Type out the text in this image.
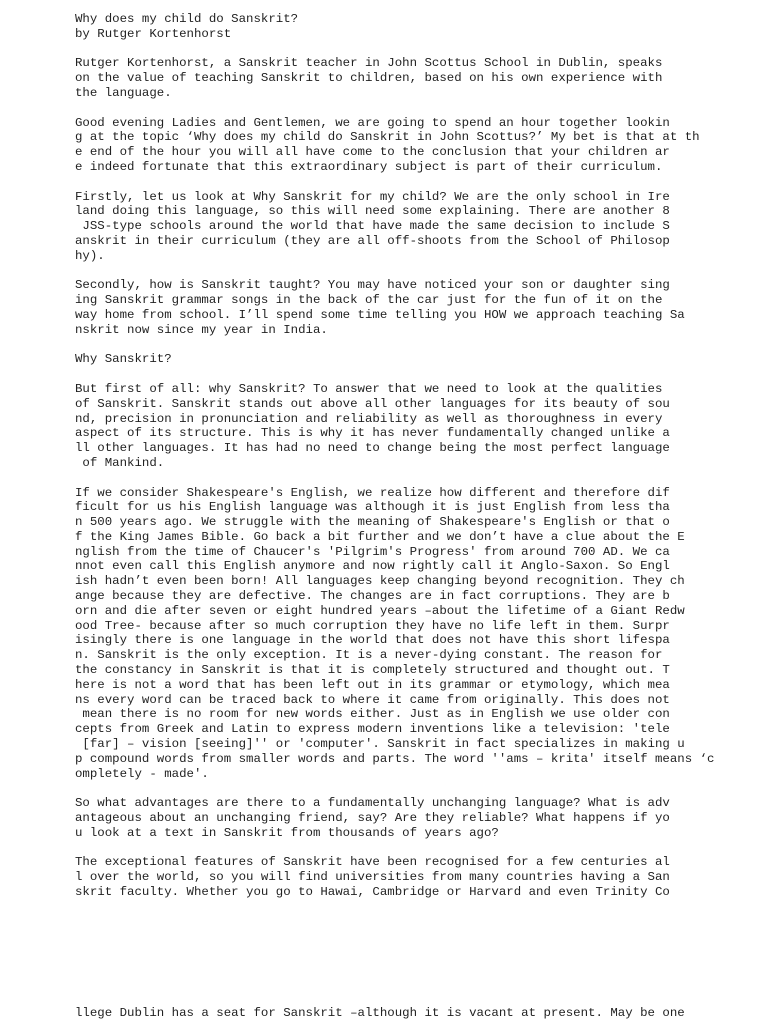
Why does my child do Sanskrit?
by Rutger Kortenhorst
Rutger Kortenhorst, a Sanskrit teacher in John Scottus School in Dublin, speaks
on the value of teaching Sanskrit to children, based on his own experience with
the language.
Good evening Ladies and Gentlemen, we are going to spend an hour together lookin
g at the topic ‘Why does my child do Sanskrit in John Scottus?’ My bet is that at th
e end of the hour you will all have come to the conclusion that your children ar
e indeed fortunate that this extraordinary subject is part of their curriculum.
Firstly, let us look at Why Sanskrit for my child? We are the only school in Ire
land doing this language, so this will need some explaining. There are another 8
JSS-type schools around the world that have made the same decision to include S
anskrit in their curriculum (they are all off-shoots from the School of Philosop
hy).
Secondly, how is Sanskrit taught? You may have noticed your son or daughter sing
ing Sanskrit grammar songs in the back of the car just for the fun of it on the
way home from school. I’ll spend some time telling you HOW we approach teaching Sa
nskrit now since my year in India.
Why Sanskrit?
But first of all: why Sanskrit? To answer that we need to look at the qualities
of Sanskrit. Sanskrit stands out above all other languages for its beauty of sou
nd, precision in pronunciation and reliability as well as thoroughness in every
aspect of its structure. This is why it has never fundamentally changed unlike a
ll other languages. It has had no need to change being the most perfect language
of Mankind.
If we consider Shakespeare's English, we realize how different and therefore dif
ficult for us his English language was although it is just English from less tha
n 500 years ago. We struggle with the meaning of Shakespeare's English or that o
f the King James Bible. Go back a bit further and we don’t have a clue about the E
nglish from the time of Chaucer's 'Pilgrim's Progress' from around 700 AD. We ca
nnot even call this English anymore and now rightly call it Anglo-Saxon. So Engl
ish hadn’t even been born! All languages keep changing beyond recognition. They ch
ange because they are defective. The changes are in fact corruptions. They are b
orn and die after seven or eight hundred years –about the lifetime of a Giant Redw
ood Tree- because after so much corruption they have no life left in them. Surpr
isingly there is one language in the world that does not have this short lifespa
n. Sanskrit is the only exception. It is a never-dying constant. The reason for
the constancy in Sanskrit is that it is completely structured and thought out. T
here is not a word that has been left out in its grammar or etymology, which mea
ns every word can be traced back to where it came from originally. This does not
mean there is no room for new words either. Just as in English we use older con
cepts from Greek and Latin to express modern inventions like a television: 'tele
[far] – vision [seeing]'' or 'computer'. Sanskrit in fact specializes in making u
p compound words from smaller words and parts. The word ''ams – krita' itself means ‘c
ompletely - made'.
So what advantages are there to a fundamentally unchanging language? What is adv
antageous about an unchanging friend, say? Are they reliable? What happens if yo
u look at a text in Sanskrit from thousands of years ago?
The exceptional features of Sanskrit have been recognised for a few centuries al
l over the world, so you will find universities from many countries having a San
skrit faculty. Whether you go to Hawai, Cambridge or Harvard and even Trinity Co
llege Dublin has a seat for Sanskrit –although it is vacant at present. May be one
